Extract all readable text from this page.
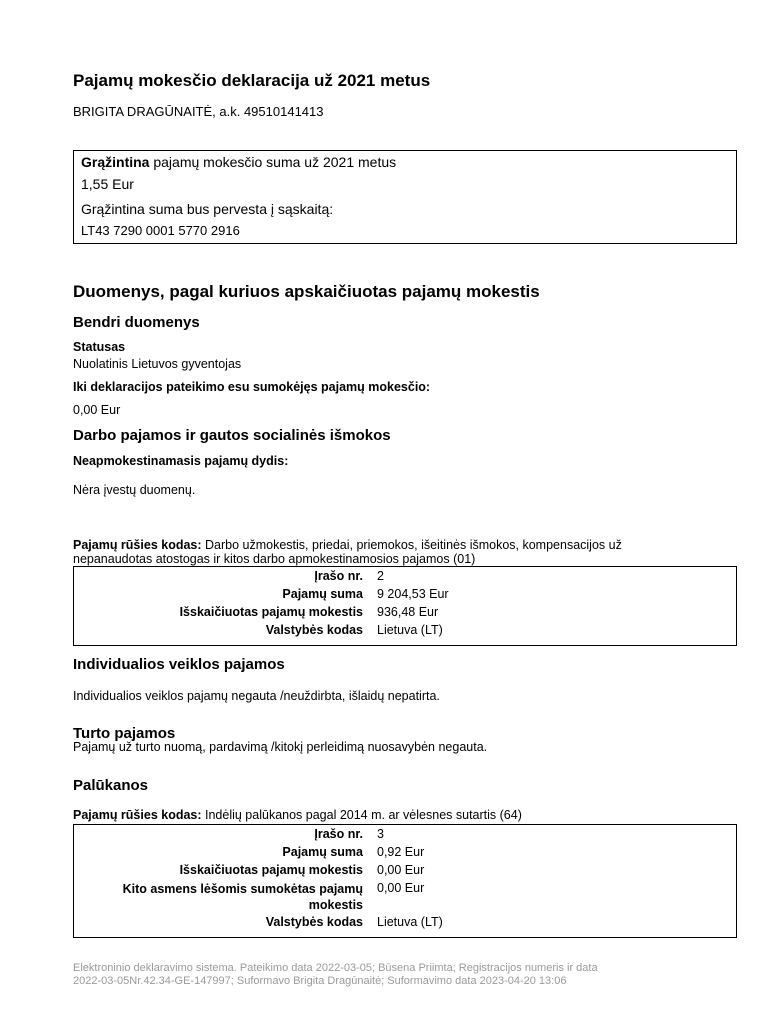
Pajamų mokesčio deklaracija už 2021 metus
BRIGITA DRAGŪNAITĖ, a.k. 49510141413
Grąžintina pajamų mokesčio suma už 2021 metus
1,55 Eur
Grąžintina suma bus pervesta į sąskaitą:
LT43 7290 0001 5770 2916
Duomenys, pagal kuriuos apskaičiuotas pajamų mokestis
Bendri duomenys
Statusas
Nuolatinis Lietuvos gyventojas
Iki deklaracijos pateikimo esu sumokėjęs pajamų mokesčio:
0,00 Eur
Darbo pajamos ir gautos socialinės išmokos
Neapmokestinamasis pajamų dydis:
Nėra įvestų duomenų.
Pajamų rūšies kodas: Darbo užmokestis, priedai, priemokos, išeitinės išmokos, kompensacijos už
nepanaudotas atostogas ir kitos darbo apmokestinamosios pajamos (01)
Įrašo nr.	2
Pajamų suma	9 204,53 Eur
Išskaičiuotas pajamų mokestis	936,48 Eur
Valstybės kodas	Lietuva (LT)
Individualios veiklos pajamos
Individualios veiklos pajamų negauta /neuždirbta, išlaidų nepatirta.
Turto pajamos
Pajamų už turto nuomą, pardavimą /kitokį perleidimą nuosavybėn negauta.
Palūkanos
Pajamų rūšies kodas: Indėlių palūkanos pagal 2014 m. ar vėlesnes sutartis (64)
Įrašo nr.	3
Pajamų suma	0,92 Eur
Išskaičiuotas pajamų mokestis	0,00 Eur
Kito asmens lėšomis sumokėtas pajamų
mokestis	0,00 Eur
Valstybės kodas	Lietuva (LT)
Elektroninio deklaravimo sistema. Pateikimo data 2022-03-05; Būsena Priimta; Registracijos numeris ir data
2022-03-05Nr.42.34-GE-147997; Suformavo Brigita Dragūnaitė; Suformavimo data 2023-04-20 13:06
